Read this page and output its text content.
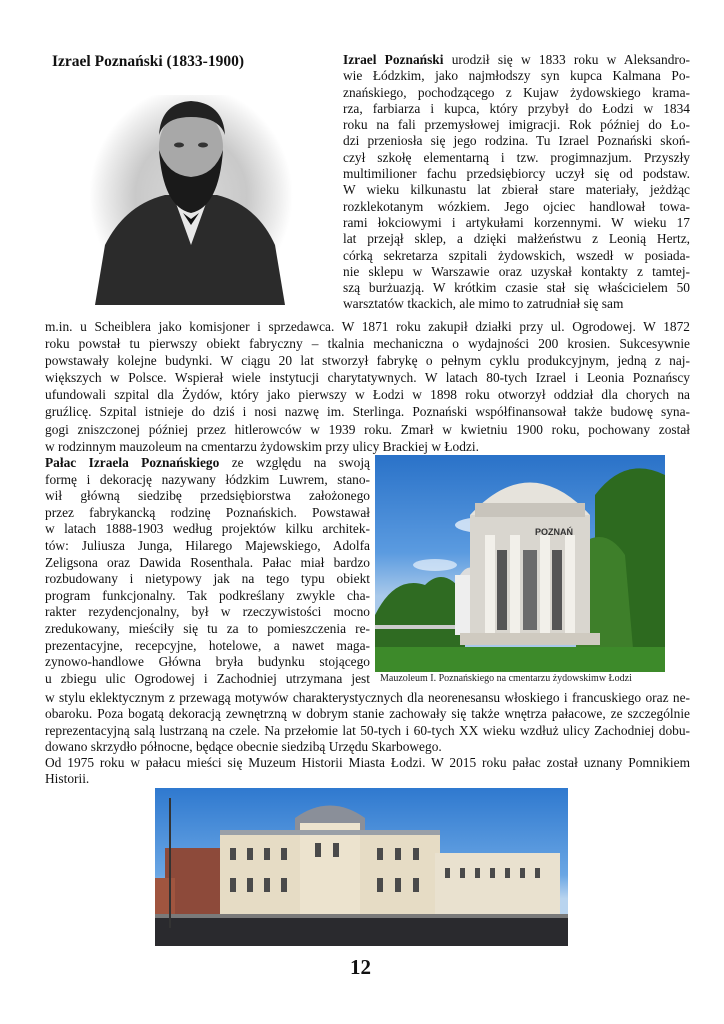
Izrael Poznański (1833-1900)	Izrael Poznański urodził się w 1833 roku w Aleksandro-
wie Łódzkim, jako najmłodszy syn kupca Kalmana Po-
znańskiego, pochodzącego z Kujaw żydowskiego krama-
rza, farbiarza i kupca, który przybył do Łodzi w 1834
roku na fali przemysłowej imigracji. Rok później do Ło-
dzi przeniosła się jego rodzina. Tu Izrael Poznański skoń-
czył szkołę elementarną i tzw. progimnazjum. Przyszły
multimilioner fachu przedsiębiorcy uczył się od podstaw.
W wieku kilkunastu lat zbierał stare materiały, jeżdżąc
rozklekotanym wózkiem. Jego ojciec handlował towa-
rami łokciowymi i artykułami korzennymi. W wieku 17
lat przejął sklep, a dzięki małżeństwu z Leonią Hertz,
córką sekretarza szpitali żydowskich, wszedł w posiada-
nie sklepu w Warszawie oraz uzyskał kontakty z tamtej-
szą burżuazją. W krótkim czasie stał się właścicielem 50
warsztatów tkackich, ale mimo to zatrudniał się sam
m.in. u Scheiblera jako komisjoner i sprzedawca. W 1871 roku zakupił działki przy ul. Ogrodowej. W 1872
roku powstał tu pierwszy obiekt fabryczny – tkalnia mechaniczna o wydajności 200 krosien. Sukcesywnie
powstawały kolejne budynki. W ciągu 20 lat stworzył fabrykę o pełnym cyklu produkcyjnym, jedną z naj-
większych w Polsce. Wspierał wiele instytucji charytatywnych. W latach 80-tych Izrael i Leonia Poznańscy
ufundowali szpital dla Żydów, który jako pierwszy w Łodzi w 1898 roku otworzył oddział dla chorych na
gruźlicę. Szpital istnieje do dziś i nosi nazwę im. Sterlinga. Poznański współfinansował także budowę syna-
gogi zniszczonej później przez hitlerowców w 1939 roku. Zmarł w kwietniu 1900 roku, pochowany został
w rodzinnym mauzoleum na cmentarzu żydowskim przy ulicy Brackiej w Łodzi.
Pałac Izraela Poznańskiego ze względu na swoją
formę i dekorację nazywany łódzkim Luwrem, stano-
wił główną siedzibę przedsiębiorstwa założonego
przez fabrykancką rodzinę Poznańskich. Powstawał
w latach 1888-1903 według projektów kilku architek-
tów: Juliusza Junga, Hilarego Majewskiego, Adolfa
Zeligsona oraz Dawida Rosenthala. Pałac miał bardzo
rozbudowany i nietypowy jak na tego typu obiekt
program funkcjonalny. Tak podkreślany zwykle cha-
rakter rezydencjonalny, był w rzeczywistości mocno
zredukowany, mieściły się tu za to pomieszczenia re-
prezentacyjne, recepcyjne, hotelowe, a nawet maga-
zynowo-handlowe Główna bryła budynku stojącego
u zbiegu ulic Ogrodowej i Zachodniej utrzymana jest
POZNAŃ
Mauzoleum I. Poznańskiego na cmentarzu żydowskimw Łodzi
w stylu eklektycznym z przewagą motywów charakterystycznych dla neorenesansu włoskiego i francuskiego oraz ne-
obaroku. Poza bogatą dekoracją zewnętrzną w dobrym stanie zachowały się także wnętrza pałacowe, ze szczególnie
reprezentacyjną salą lustrzaną na czele. Na przełomie lat 50-tych i 60-tych XX wieku wzdłuż ulicy Zachodniej dobu-
dowano skrzydło północne, będące obecnie siedzibą Urzędu Skarbowego.
Od 1975 roku w pałacu mieści się Muzeum Historii Miasta Łodzi. W 2015 roku pałac został uznany Pomnikiem
Historii.
12
